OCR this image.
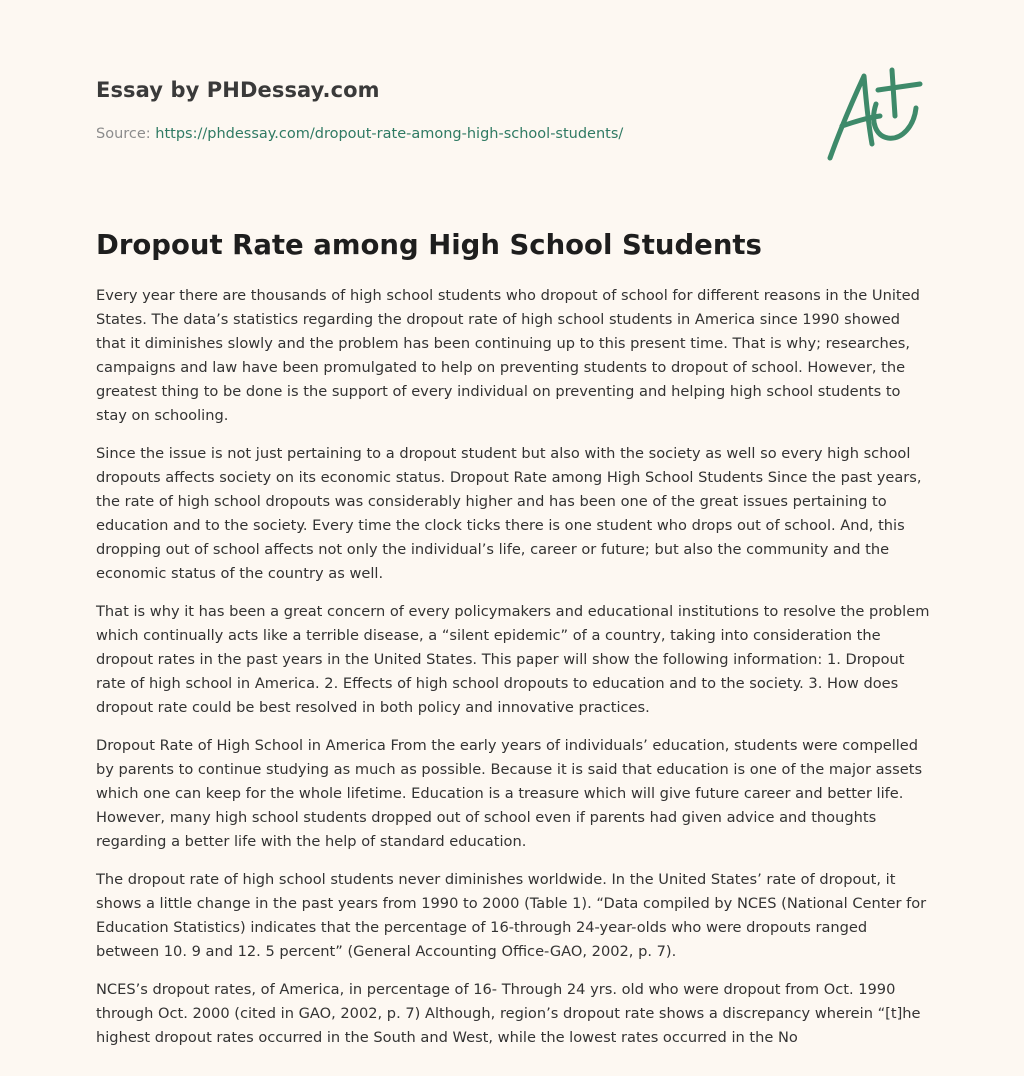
Essay by PHDessay.com
Source: https://phdessay.com/dropout-rate-among-high-school-students/
Dropout Rate among High School Students

Every year there are thousands of high school students who dropout of school for different reasons in the United States. The data’s statistics regarding the dropout rate of high school students in America since 1990 showed that it diminishes slowly and the problem has been continuing up to this present time. That is why; researches, campaigns and law have been promulgated to help on preventing students to dropout of school. However, the greatest thing to be done is the support of every individual on preventing and helping high school students to stay on schooling.

Since the issue is not just pertaining to a dropout student but also with the society as well so every high school dropouts affects society on its economic status. Dropout Rate among High School Students Since the past years, the rate of high school dropouts was considerably higher and has been one of the great issues pertaining to education and to the society. Every time the clock ticks there is one student who drops out of school. And, this dropping out of school affects not only the individual’s life, career or future; but also the community and the economic status of the country as well.

That is why it has been a great concern of every policymakers and educational institutions to resolve the problem which continually acts like a terrible disease, a “silent epidemic” of a country, taking into consideration the dropout rates in the past years in the United States. This paper will show the following information: 1. Dropout rate of high school in America. 2. Effects of high school dropouts to education and to the society. 3. How does dropout rate could be best resolved in both policy and innovative practices.

Dropout Rate of High School in America From the early years of individuals’ education, students were compelled by parents to continue studying as much as possible. Because it is said that education is one of the major assets which one can keep for the whole lifetime. Education is a treasure which will give future career and better life. However, many high school students dropped out of school even if parents had given advice and thoughts regarding a better life with the help of standard education.

The dropout rate of high school students never diminishes worldwide. In the United States’ rate of dropout, it shows a little change in the past years from 1990 to 2000 (Table 1). “Data compiled by NCES (National Center for Education Statistics) indicates that the percentage of 16-through 24-year-olds who were dropouts ranged between 10. 9 and 12. 5 percent” (General Accounting Office-GAO, 2002, p. 7).

NCES’s dropout rates, of America, in percentage of 16- Through 24 yrs. old who were dropout from Oct. 1990 through Oct. 2000 (cited in GAO, 2002, p. 7) Although, region’s dropout rate shows a discrepancy wherein “[t]he highest dropout rates occurred in the South and West, while the lowest rates occurred in the No
